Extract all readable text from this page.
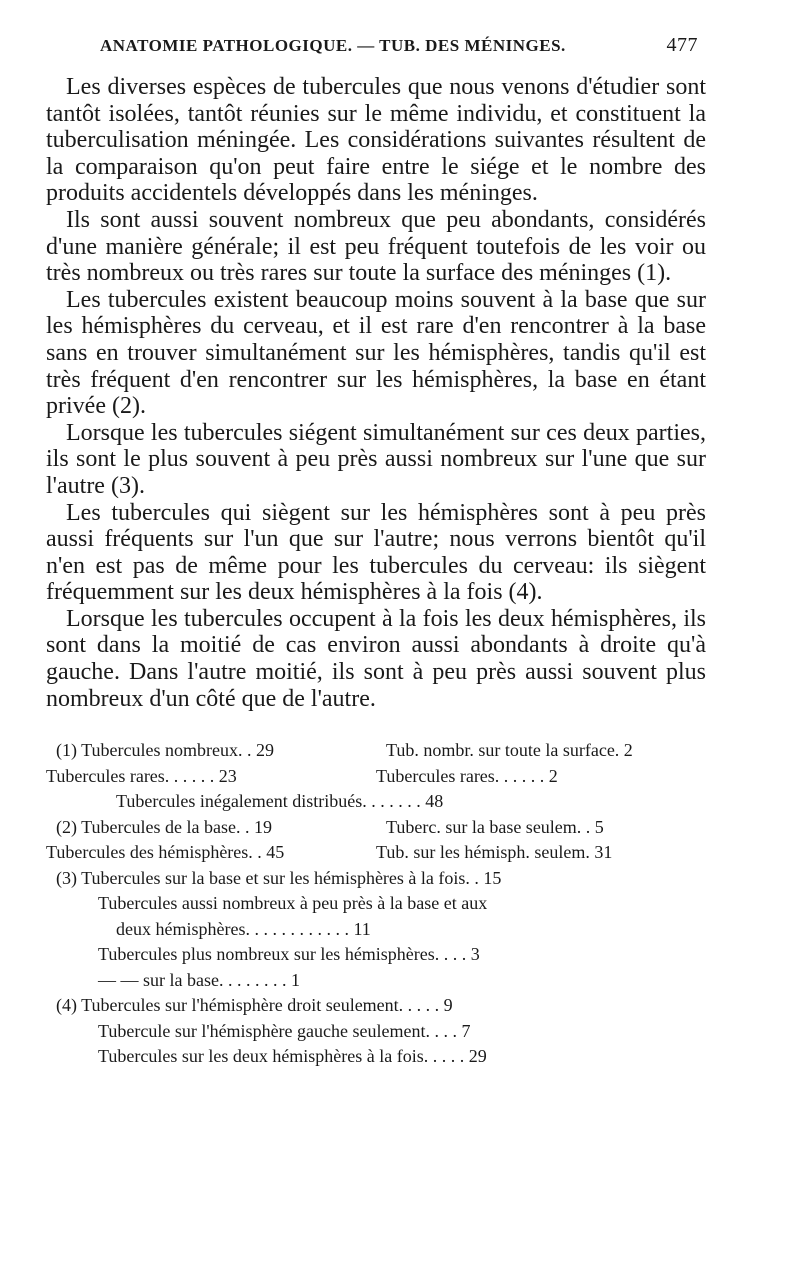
ANATOMIE PATHOLOGIQUE. — TUB. DES MÉNINGES.	477

Les diverses espèces de tubercules que nous venons d'étudier sont tantôt isolées, tantôt réunies sur le même individu, et constituent la tuberculisation méningée. Les considérations suivantes résultent de la comparaison qu'on peut faire entre le siége et le nombre des produits accidentels développés dans les méninges.

Ils sont aussi souvent nombreux que peu abondants, considérés d'une manière générale; il est peu fréquent toutefois de les voir ou très nombreux ou très rares sur toute la surface des méninges (1).

Les tubercules existent beaucoup moins souvent à la base que sur les hémisphères du cerveau, et il est rare d'en rencontrer à la base sans en trouver simultanément sur les hémisphères, tandis qu'il est très fréquent d'en rencontrer sur les hémisphères, la base en étant privée (2).

Lorsque les tubercules siégent simultanément sur ces deux parties, ils sont le plus souvent à peu près aussi nombreux sur l'une que sur l'autre (3).

Les tubercules qui siègent sur les hémisphères sont à peu près aussi fréquents sur l'un que sur l'autre; nous verrons bientôt qu'il n'en est pas de même pour les tubercules du cerveau: ils siègent fréquemment sur les deux hémisphères à la fois (4).

Lorsque les tubercules occupent à la fois les deux hémisphères, ils sont dans la moitié de cas environ aussi abondants à droite qu'à gauche. Dans l'autre moitié, ils sont à peu près aussi souvent plus nombreux d'un côté que de l'autre.

(1) Tubercules nombreux. . 29	Tub. nombr. sur toute la surface. 2
Tubercules rares. . . . . . 23	Tubercules rares. . . . . . 2
Tubercules inégalement distribués. . . . . . . 48
(2) Tubercules de la base. . 19	Tuberc. sur la base seulem. . 5
Tubercules des hémisphères. . 45	Tub. sur les hémisph. seulem. 31
(3) Tubercules sur la base et sur les hémisphères à la fois. . 15
Tubercules aussi nombreux à peu près à la base et aux
deux hémisphères. . . . . . . . . . . . 11
Tubercules plus nombreux sur les hémisphères. . . . 3
— — sur la base. . . . . . . . 1
(4) Tubercules sur l'hémisphère droit seulement. . . . . 9
Tubercule sur l'hémisphère gauche seulement. . . . 7
Tubercules sur les deux hémisphères à la fois. . . . . 29
